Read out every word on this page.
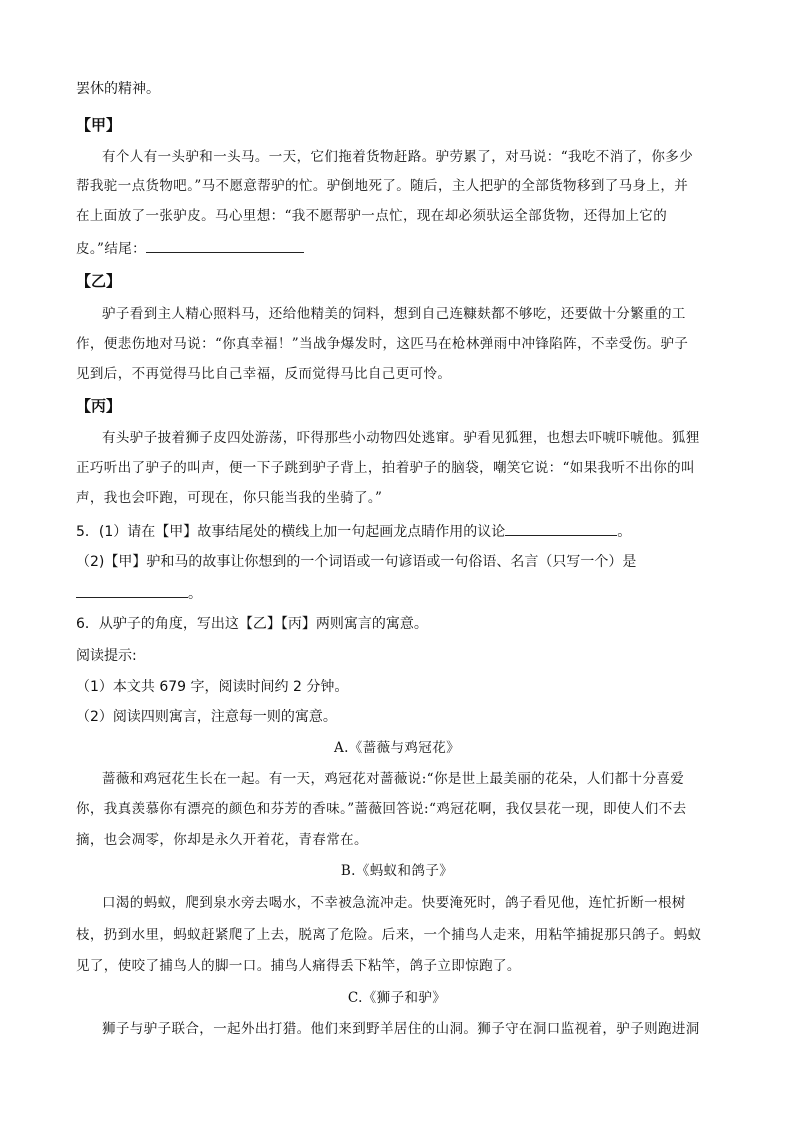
罢休的精神。
【甲】
有个人有一头驴和一头马。一天，它们拖着货物赶路。驴劳累了，对马说：“我吃不消了，你多少
帮我驼一点货物吧。”马不愿意帮驴的忙。驴倒地死了。随后，主人把驴的全部货物移到了马身上，并
在上面放了一张驴皮。马心里想：“我不愿帮驴一点忙，现在却必须驮运全部货物，还得加上它的
皮。”结尾：
【乙】
驴子看到主人精心照料马，还给他精美的饲料，想到自己连糠麸都不够吃，还要做十分繁重的工
作，便悲伤地对马说：“你真幸福！”当战争爆发时，这匹马在枪林弹雨中冲锋陷阵，不幸受伤。驴子
见到后，不再觉得马比自己幸福，反而觉得马比自己更可怜。
【丙】
有头驴子披着狮子皮四处游荡，吓得那些小动物四处逃窜。驴看见狐狸，也想去吓唬吓唬他。狐狸
正巧听出了驴子的叫声，便一下子跳到驴子背上，拍着驴子的脑袋，嘲笑它说：“如果我听不出你的叫
声，我也会吓跑，可现在，你只能当我的坐骑了。”
5．(1）请在【甲】故事结尾处的横线上加一句起画龙点睛作用的议论	。
（2)【甲】驴和马的故事让你想到的一个词语或一句谚语或一句俗语、名言（只写一个）是
。
6．从驴子的角度，写出这【乙】【丙】两则寓言的寓意。
阅读提示:
（1）本文共 679 字，阅读时间约 2 分钟。
（2）阅读四则寓言，注意每一则的寓意。
A.《蔷薇与鸡冠花》
蔷薇和鸡冠花生长在一起。有一天，鸡冠花对蔷薇说:“你是世上最美丽的花朵，人们都十分喜爱
你，我真羡慕你有漂亮的颜色和芬芳的香味。”蔷薇回答说:“鸡冠花啊，我仅昙花一现，即使人们不去
摘，也会凋零，你却是永久开着花，青春常在。
B.《蚂蚁和鸽子》
口渴的蚂蚁，爬到泉水旁去喝水，不幸被急流冲走。快要淹死时，鸽子看见他，连忙折断一根树
枝，扔到水里，蚂蚁赶紧爬了上去，脱离了危险。后来，一个捕鸟人走来，用粘竿捕捉那只鸽子。蚂蚁
见了，使咬了捕鸟人的脚一口。捕鸟人痛得丢下粘竿，鸽子立即惊跑了。
C.《狮子和驴》
狮子与驴子联合，一起外出打猎。他们来到野羊居住的山洞。狮子守在洞口监视着，驴子则跑进洞
